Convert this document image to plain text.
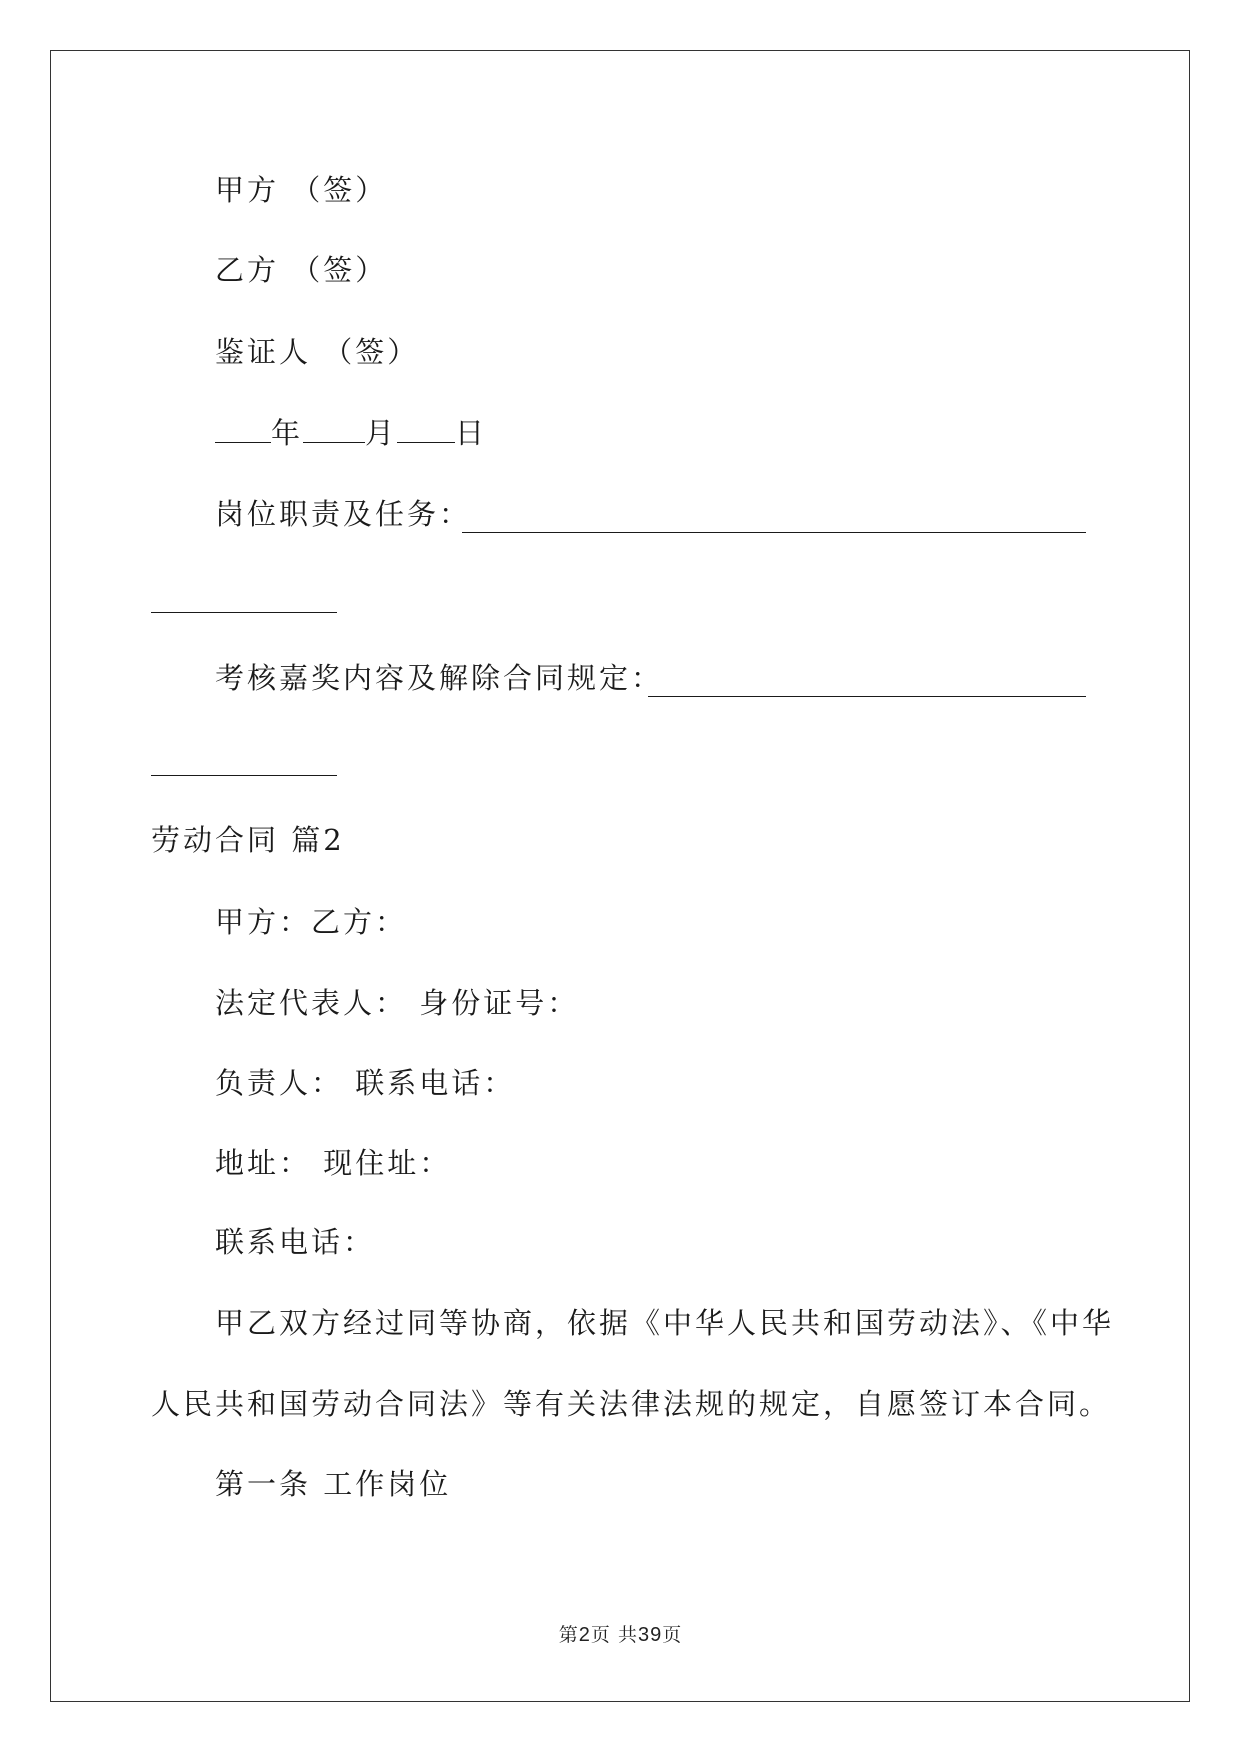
甲方 （签）
乙方 （签）
鉴证人 （签）
年 月 日
岗位职责及任务：
考核嘉奖内容及解除合同规定：
劳动合同 篇2
甲方：乙方：
法定代表人： 身份证号：
负责人： 联系电话：
地址： 现住址：
联系电话：
甲乙双方经过同等协商，依据《中华人民共和国劳动法》、《中华
人民共和国劳动合同法》等有关法律法规的规定，自愿签订本合同。
第一条 工作岗位
第2页 共39页
